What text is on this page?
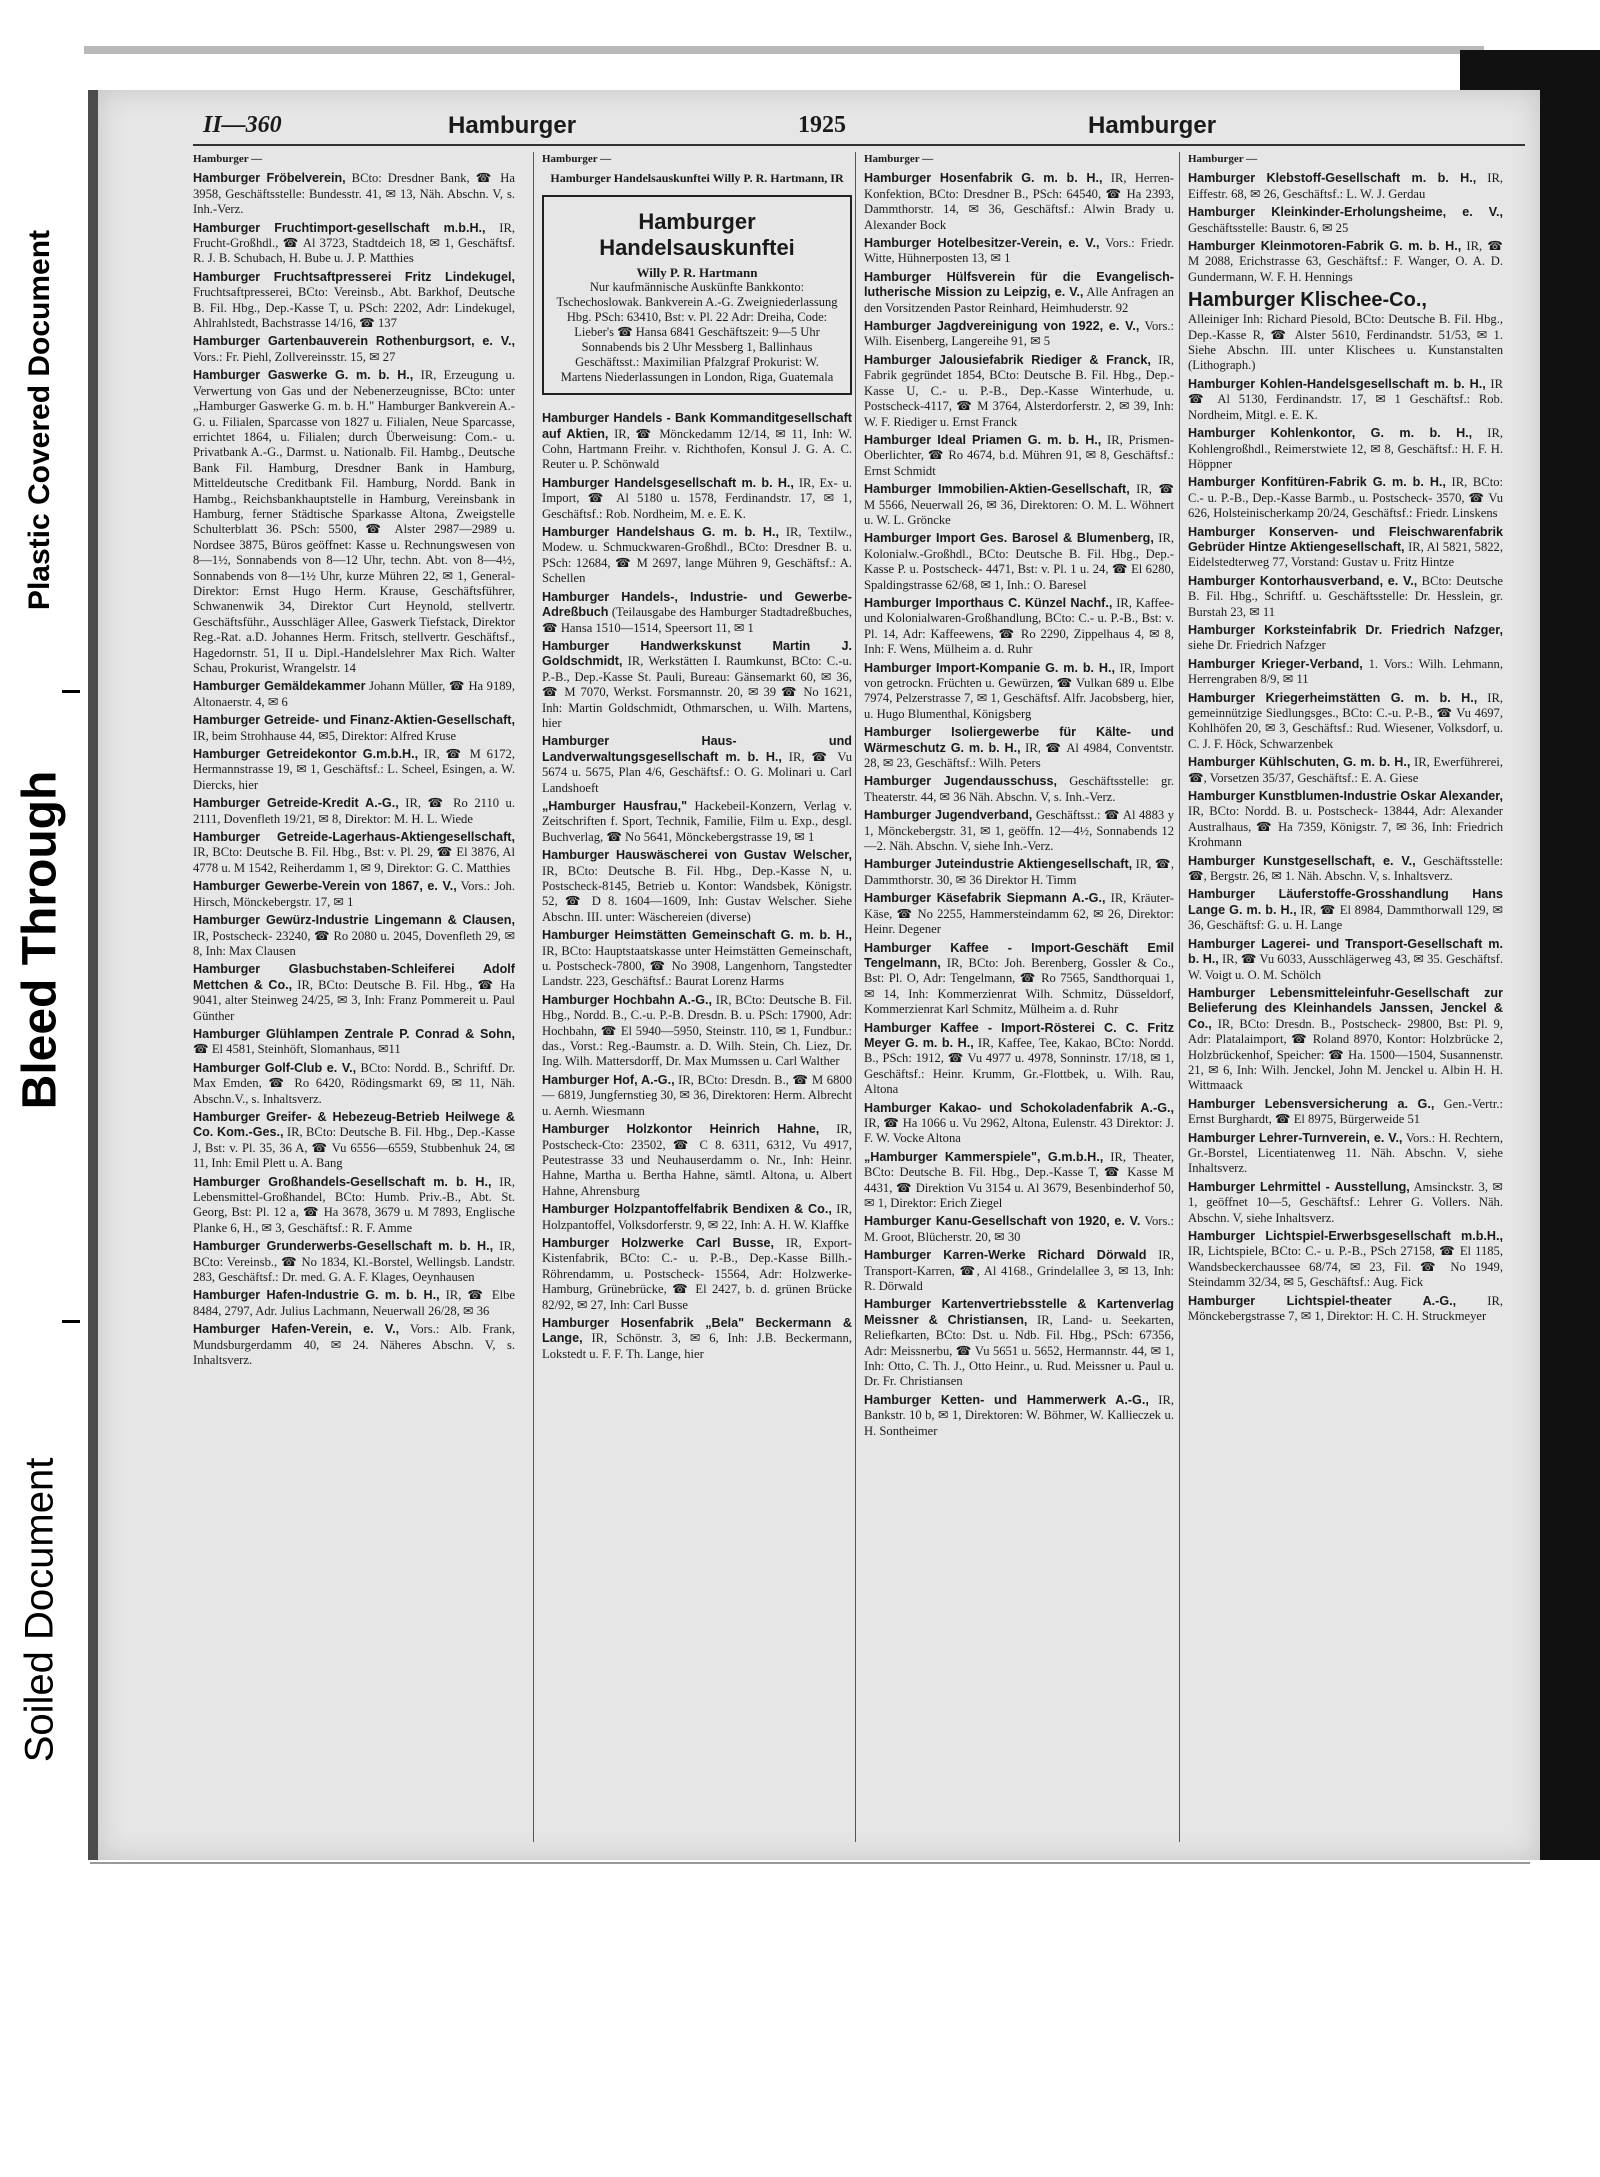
Soiled Document
Bleed Through
Plastic Covered Document
II—360	Hamburger	1925	Hamburger
Hamburger —
Hamburger Fröbelverein, BCto: Dresdner Bank, ☎ Ha 3958, Geschäftsstelle: Bundesstr. 41, ✉ 13, Näh. Abschn. V, s. Inh.-Verz.
Hamburger Fruchtimport-gesellschaft m.b.H., IR, Frucht-Großhdl., ☎ Al 3723, Stadtdeich 18, ✉ 1, Geschäftsf. R. J. B. Schubach, H. Bube u. J. P. Matthies
Hamburger Fruchtsaftpresserei Fritz Lindekugel, Fruchtsaftpresserei, BCto: Vereinsb., Abt. Barkhof, Deutsche B. Fil. Hbg., Dep.-Kasse T, u. PSch: 2202, Adr: Lindekugel, Ahlrahlstedt, Bachstrasse 14/16, ☎ 137
Hamburger Gartenbauverein Rothenburgsort, e. V., Vors.: Fr. Piehl, Zollvereinsstr. 15, ✉ 27
Hamburger Gaswerke G. m. b. H., IR, Erzeugung u. Verwertung von Gas und der Nebenerzeugnisse, BCto: unter „Hamburger Gaswerke G. m. b. H." Hamburger Bankverein A.-G. u. Filialen, Sparcasse von 1827 u. Filialen, Neue Sparcasse, errichtet 1864, u. Filialen; durch Überweisung: Com.- u. Privatbank A.-G., Darmst. u. Nationalb. Fil. Hambg., Deutsche Bank Fil. Hamburg, Dresdner Bank in Hamburg, Mitteldeutsche Creditbank Fil. Hamburg, Nordd. Bank in Hambg., Reichsbankhauptstelle in Hamburg, Vereinsbank in Hamburg, ferner Städtische Sparkasse Altona, Zweigstelle Schulterblatt 36. PSch: 5500, ☎ Alster 2987—2989 u. Nordsee 3875, Büros geöffnet: Kasse u. Rechnungswesen von 8—1½, Sonnabends von 8—12 Uhr, techn. Abt. von 8—4½, Sonnabends von 8—1½ Uhr, kurze Mühren 22, ✉ 1, General-Direktor: Ernst Hugo Herm. Krause, Geschäftsführer, Schwanenwik 34, Direktor Curt Heynold, stellvertr. Geschäftsführ., Ausschläger Allee, Gaswerk Tiefstack, Direktor Reg.-Rat. a.D. Johannes Herm. Fritsch, stellvertr. Geschäftsf., Hagedornstr. 51, II u. Dipl.-Handelslehrer Max Rich. Walter Schau, Prokurist, Wrangelstr. 14
Hamburger Gemäldekammer Johann Müller, ☎ Ha 9189, Altonaerstr. 4, ✉ 6
Hamburger Getreide- und Finanz-Aktien-Gesellschaft, IR, beim Strohhause 44, ✉5, Direktor: Alfred Kruse
Hamburger Getreidekontor G.m.b.H., IR, ☎ M 6172, Hermannstrasse 19, ✉ 1, Geschäftsf.: L. Scheel, Esingen, a. W. Diercks, hier
Hamburger Getreide-Kredit A.-G., IR, ☎ Ro 2110 u. 2111, Dovenfleth 19/21, ✉ 8, Direktor: M. H. L. Wiede
Hamburger Getreide-Lagerhaus-Aktiengesellschaft, IR, BCto: Deutsche B. Fil. Hbg., Bst: v. Pl. 29, ☎ El 3876, Al 4778 u. M 1542, Reiherdamm 1, ✉ 9, Direktor: G. C. Matthies
Hamburger Gewerbe-Verein von 1867, e. V., Vors.: Joh. Hirsch, Mönckebergstr. 17, ✉ 1
Hamburger Gewürz-Industrie Lingemann & Clausen, IR, Postscheck- 23240, ☎ Ro 2080 u. 2045, Dovenfleth 29, ✉ 8, Inh: Max Clausen
Hamburger Glasbuchstaben-Schleiferei Adolf Mettchen & Co., IR, BCto: Deutsche B. Fil. Hbg., ☎ Ha 9041, alter Steinweg 24/25, ✉ 3, Inh: Franz Pommereit u. Paul Günther
Hamburger Glühlampen Zentrale P. Conrad & Sohn, ☎ El 4581, Steinhöft, Slomanhaus, ✉11
Hamburger Golf-Club e. V., BCto: Nordd. B., Schriftf. Dr. Max Emden, ☎ Ro 6420, Rödingsmarkt 69, ✉ 11, Näh. Abschn.V., s. Inhaltsverz.
Hamburger Greifer- & Hebezeug-Betrieb Heilwege & Co. Kom.-Ges., IR, BCto: Deutsche B. Fil. Hbg., Dep.-Kasse J, Bst: v. Pl. 35, 36 A, ☎ Vu 6556—6559, Stubbenhuk 24, ✉ 11, Inh: Emil Plett u. A. Bang
Hamburger Großhandels-Gesellschaft m. b. H., IR, Lebensmittel-Großhandel, BCto: Humb. Priv.-B., Abt. St. Georg, Bst: Pl. 12 a, ☎ Ha 3678, 3679 u. M 7893, Englische Planke 6, H., ✉ 3, Geschäftsf.: R. F. Amme
Hamburger Grunderwerbs-Gesellschaft m. b. H., IR, BCto: Vereinsb., ☎ No 1834, Kl.-Borstel, Wellingsb. Landstr. 283, Geschäftsf.: Dr. med. G. A. F. Klages, Oeynhausen
Hamburger Hafen-Industrie G. m. b. H., IR, ☎ Elbe 8484, 2797, Adr. Julius Lachmann, Neuerwall 26/28, ✉ 36
Hamburger Hafen-Verein, e. V., Vors.: Alb. Frank, Mundsburgerdamm 40, ✉ 24. Näheres Abschn. V, s. Inhaltsverz.
Hamburger —
Hamburger Handelsauskunftei Willy P. R. Hartmann, IR
Hamburger Handelsauskunftei
Willy P. R. Hartmann
Nur kaufmännische Auskünfte Bankkonto: Tschechoslowak. Bankverein A.-G. Zweigniederlassung Hbg. PSch: 63410, Bst: v. Pl. 22 Adr: Dreiha, Code: Lieber's ☎ Hansa 6841 Geschäftszeit: 9—5 Uhr Sonnabends bis 2 Uhr Messberg 1, Ballinhaus Geschäftsst.: Maximilian Pfalzgraf Prokurist: W. Martens Niederlassungen in London, Riga, Guatemala
Hamburger Handels - Bank Kommanditgesellschaft auf Aktien, IR, ☎ Mönckedamm 12/14, ✉ 11, Inh: W. Cohn, Hartmann Freihr. v. Richthofen, Konsul J. G. A. C. Reuter u. P. Schönwald
Hamburger Handelsgesellschaft m. b. H., IR, Ex- u. Import, ☎ Al 5180 u. 1578, Ferdinandstr. 17, ✉ 1, Geschäftsf.: Rob. Nordheim, M. e. E. K.
Hamburger Handelshaus G. m. b. H., IR, Textilw., Modew. u. Schmuckwaren-Großhdl., BCto: Dresdner B. u. PSch: 12684, ☎ M 2697, lange Mühren 9, Geschäftsf.: A. Schellen
Hamburger Handels-, Industrie- und Gewerbe-Adreßbuch (Teilausgabe des Hamburger Stadtadreßbuches, ☎ Hansa 1510—1514, Speersort 11, ✉ 1
Hamburger Handwerkskunst Martin J. Goldschmidt, IR, Werkstätten I. Raumkunst, BCto: C.-u. P.-B., Dep.-Kasse St. Pauli, Bureau: Gänsemarkt 60, ✉ 36, ☎ M 7070, Werkst. Forsmannstr. 20, ✉ 39 ☎ No 1621, Inh: Martin Goldschmidt, Othmarschen, u. Wilh. Martens, hier
Hamburger Haus- und Landverwaltungsgesellschaft m. b. H., IR, ☎ Vu 5674 u. 5675, Plan 4/6, Geschäftsf.: O. G. Molinari u. Carl Landshoeft
„Hamburger Hausfrau," Hackebeil-Konzern, Verlag v. Zeitschriften f. Sport, Technik, Familie, Film u. Exp., desgl. Buchverlag, ☎ No 5641, Mönckebergstrasse 19, ✉ 1
Hamburger Hauswäscherei von Gustav Welscher, IR, BCto: Deutsche B. Fil. Hbg., Dep.-Kasse N, u. Postscheck-8145, Betrieb u. Kontor: Wandsbek, Königstr. 52, ☎ D 8. 1604—1609, Inh: Gustav Welscher. Siehe Abschn. III. unter: Wäschereien (diverse)
Hamburger Heimstätten Gemeinschaft G. m. b. H., IR, BCto: Hauptstaatskasse unter Heimstätten Gemeinschaft, u. Postscheck-7800, ☎ No 3908, Langenhorn, Tangstedter Landstr. 223, Geschäftsf.: Baurat Lorenz Harms
Hamburger Hochbahn A.-G., IR, BCto: Deutsche B. Fil. Hbg., Nordd. B., C.-u. P.-B. Dresdn. B. u. PSch: 17900, Adr: Hochbahn, ☎ El 5940—5950, Steinstr. 110, ✉ 1, Fundbur.: das., Vorst.: Reg.-Baumstr. a. D. Wilh. Stein, Ch. Liez, Dr. Ing. Wilh. Mattersdorff, Dr. Max Mumssen u. Carl Walther
Hamburger Hof, A.-G., IR, BCto: Dresdn. B., ☎ M 6800 — 6819, Jungfernstieg 30, ✉ 36, Direktoren: Herm. Albrecht u. Aernh. Wiesmann
Hamburger Holzkontor Heinrich Hahne, IR, Postscheck-Cto: 23502, ☎ C 8. 6311, 6312, Vu 4917, Peutestrasse 33 und Neuhauserdamm o. Nr., Inh: Heinr. Hahne, Martha u. Bertha Hahne, sämtl. Altona, u. Albert Hahne, Ahrensburg
Hamburger Holzpantoffelfabrik Bendixen & Co., IR, Holzpantoffel, Volksdorferstr. 9, ✉ 22, Inh: A. H. W. Klaffke
Hamburger Holzwerke Carl Busse, IR, Export-Kistenfabrik, BCto: C.- u. P.-B., Dep.-Kasse Billh.-Röhrendamm, u. Postscheck- 15564, Adr: Holzwerke-Hamburg, Grünebrücke, ☎ El 2427, b. d. grünen Brücke 82/92, ✉ 27, Inh: Carl Busse
Hamburger Hosenfabrik „Bela" Beckermann & Lange, IR, Schönstr. 3, ✉ 6, Inh: J.B. Beckermann, Lokstedt u. F. F. Th. Lange, hier
Hamburger —
Hamburger Hosenfabrik G. m. b. H., IR, Herren-Konfektion, BCto: Dresdner B., PSch: 64540, ☎ Ha 2393, Dammthorstr. 14, ✉ 36, Geschäftsf.: Alwin Brady u. Alexander Bock
Hamburger Hotelbesitzer-Verein, e. V., Vors.: Friedr. Witte, Hühnerposten 13, ✉ 1
Hamburger Hülfsverein für die Evangelisch-lutherische Mission zu Leipzig, e. V., Alle Anfragen an den Vorsitzenden Pastor Reinhard, Heimhuderstr. 92
Hamburger Jagdvereinigung von 1922, e. V., Vors.: Wilh. Eisenberg, Langereihe 91, ✉ 5
Hamburger Jalousiefabrik Riediger & Franck, IR, Fabrik gegründet 1854, BCto: Deutsche B. Fil. Hbg., Dep.-Kasse U, C.- u. P.-B., Dep.-Kasse Winterhude, u. Postscheck-4117, ☎ M 3764, Alsterdorferstr. 2, ✉ 39, Inh: W. F. Riediger u. Ernst Franck
Hamburger Ideal Priamen G. m. b. H., IR, Prismen-Oberlichter, ☎ Ro 4674, b.d. Mühren 91, ✉ 8, Geschäftsf.: Ernst Schmidt
Hamburger Immobilien-Aktien-Gesellschaft, IR, ☎ M 5566, Neuerwall 26, ✉ 36, Direktoren: O. M. L. Wöhnert u. W. L. Gröncke
Hamburger Import Ges. Barosel & Blumenberg, IR, Kolonialw.-Großhdl., BCto: Deutsche B. Fil. Hbg., Dep.-Kasse P. u. Postscheck- 4471, Bst: v. Pl. 1 u. 24, ☎ El 6280, Spaldingstrasse 62/68, ✉ 1, Inh.: O. Baresel
Hamburger Importhaus C. Künzel Nachf., IR, Kaffee- und Kolonialwaren-Großhandlung, BCto: C.- u. P.-B., Bst: v. Pl. 14, Adr: Kaffeewens, ☎ Ro 2290, Zippelhaus 4, ✉ 8, Inh: F. Wens, Mülheim a. d. Ruhr
Hamburger Import-Kompanie G. m. b. H., IR, Import von getrockn. Früchten u. Gewürzen, ☎ Vulkan 689 u. Elbe 7974, Pelzerstrasse 7, ✉ 1, Geschäftsf. Alfr. Jacobsberg, hier, u. Hugo Blumenthal, Königsberg
Hamburger Isoliergewerbe für Kälte- und Wärmeschutz G. m. b. H., IR, ☎ Al 4984, Conventstr. 28, ✉ 23, Geschäftsf.: Wilh. Peters
Hamburger Jugendausschuss, Geschäftsstelle: gr. Theaterstr. 44, ✉ 36 Näh. Abschn. V, s. Inh.-Verz.
Hamburger Jugendverband, Geschäftsst.: ☎ Al 4883 y 1, Mönckebergstr. 31, ✉ 1, geöffn. 12—4½, Sonnabends 12—2. Näh. Abschn. V, siehe Inh.-Verz.
Hamburger Juteindustrie Aktiengesellschaft, IR, ☎, Dammthorstr. 30, ✉ 36 Direktor H. Timm
Hamburger Käsefabrik Siepmann A.-G., IR, Kräuter-Käse, ☎ No 2255, Hammersteindamm 62, ✉ 26, Direktor: Heinr. Degener
Hamburger Kaffee - Import-Geschäft Emil Tengelmann, IR, BCto: Joh. Berenberg, Gossler & Co., Bst: Pl. O, Adr: Tengelmann, ☎ Ro 7565, Sandthorquai 1, ✉ 14, Inh: Kommerzienrat Wilh. Schmitz, Düsseldorf, Kommerzienrat Karl Schmitz, Mülheim a. d. Ruhr
Hamburger Kaffee - Import-Rösterei C. C. Fritz Meyer G. m. b. H., IR, Kaffee, Tee, Kakao, BCto: Nordd. B., PSch: 1912, ☎ Vu 4977 u. 4978, Sonninstr. 17/18, ✉ 1, Geschäftsf.: Heinr. Krumm, Gr.-Flottbek, u. Wilh. Rau, Altona
Hamburger Kakao- und Schokoladenfabrik A.-G., IR, ☎ Ha 1066 u. Vu 2962, Altona, Eulenstr. 43 Direktor: J. F. W. Vocke Altona
„Hamburger Kammerspiele", G.m.b.H., IR, Theater, BCto: Deutsche B. Fil. Hbg., Dep.-Kasse T, ☎ Kasse M 4431, ☎ Direktion Vu 3154 u. Al 3679, Besenbinderhof 50, ✉ 1, Direktor: Erich Ziegel
Hamburger Kanu-Gesellschaft von 1920, e. V. Vors.: M. Groot, Blücherstr. 20, ✉ 30
Hamburger Karren-Werke Richard Dörwald IR, Transport-Karren, ☎, Al 4168., Grindelallee 3, ✉ 13, Inh: R. Dörwald
Hamburger Kartenvertriebsstelle & Kartenverlag Meissner & Christiansen, IR, Land- u. Seekarten, Reliefkarten, BCto: Dst. u. Ndb. Fil. Hbg., PSch: 67356, Adr: Meissnerbu, ☎ Vu 5651 u. 5652, Hermannstr. 44, ✉ 1, Inh: Otto, C. Th. J., Otto Heinr., u. Rud. Meissner u. Paul u. Dr. Fr. Christiansen
Hamburger Ketten- und Hammerwerk A.-G., IR, Bankstr. 10 b, ✉ 1, Direktoren: W. Böhmer, W. Kallieczek u. H. Sontheimer
Hamburger —
Hamburger Klebstoff-Gesellschaft m. b. H., IR, Eiffestr. 68, ✉ 26, Geschäftsf.: L. W. J. Gerdau
Hamburger Kleinkinder-Erholungsheime, e. V., Geschäftsstelle: Baustr. 6, ✉ 25
Hamburger Kleinmotoren-Fabrik G. m. b. H., IR, ☎ M 2088, Erichstrasse 63, Geschäftsf.: F. Wanger, O. A. D. Gundermann, W. F. H. Hennings
Hamburger Klischee-Co.,
Alleiniger Inh: Richard Piesold, BCto: Deutsche B. Fil. Hbg., Dep.-Kasse R, ☎ Alster 5610, Ferdinandstr. 51/53, ✉ 1. Siehe Abschn. III. unter Klischees u. Kunstanstalten (Lithograph.)
Hamburger Kohlen-Handelsgesellschaft m. b. H., IR ☎ Al 5130, Ferdinandstr. 17, ✉ 1 Geschäftsf.: Rob. Nordheim, Mitgl. e. E. K.
Hamburger Kohlenkontor, G. m. b. H., IR, Kohlengroßhdl., Reimerstwiete 12, ✉ 8, Geschäftsf.: H. F. H. Höppner
Hamburger Konfitüren-Fabrik G. m. b. H., IR, BCto: C.- u. P.-B., Dep.-Kasse Barmb., u. Postscheck- 3570, ☎ Vu 626, Holsteinischerkamp 20/24, Geschäftsf.: Friedr. Linskens
Hamburger Konserven- und Fleischwarenfabrik Gebrüder Hintze Aktiengesellschaft, IR, Al 5821, 5822, Eidelstedterweg 77, Vorstand: Gustav u. Fritz Hintze
Hamburger Kontorhausverband, e. V., BCto: Deutsche B. Fil. Hbg., Schriftf. u. Geschäftsstelle: Dr. Hesslein, gr. Burstah 23, ✉ 11
Hamburger Korksteinfabrik Dr. Friedrich Nafzger, siehe Dr. Friedrich Nafzger
Hamburger Krieger-Verband, 1. Vors.: Wilh. Lehmann, Herrengraben 8/9, ✉ 11
Hamburger Kriegerheimstätten G. m. b. H., IR, gemeinnützige Siedlungsges., BCto: C.-u. P.-B., ☎ Vu 4697, Kohlhöfen 20, ✉ 3, Geschäftsf.: Rud. Wiesener, Volksdorf, u. C. J. F. Höck, Schwarzenbek
Hamburger Kühlschuten, G. m. b. H., IR, Ewerführerei, ☎, Vorsetzen 35/37, Geschäftsf.: E. A. Giese
Hamburger Kunstblumen-Industrie Oskar Alexander, IR, BCto: Nordd. B. u. Postscheck- 13844, Adr: Alexander Australhaus, ☎ Ha 7359, Königstr. 7, ✉ 36, Inh: Friedrich Krohmann
Hamburger Kunstgesellschaft, e. V., Geschäftsstelle: ☎, Bergstr. 26, ✉ 1. Näh. Abschn. V, s. Inhaltsverz.
Hamburger Läuferstoffe-Grosshandlung Hans Lange G. m. b. H., IR, ☎ El 8984, Dammthorwall 129, ✉ 36, Geschäftsf: G. u. H. Lange
Hamburger Lagerei- und Transport-Gesellschaft m. b. H., IR, ☎ Vu 6033, Ausschlägerweg 43, ✉ 35. Geschäftsf. W. Voigt u. O. M. Schölch
Hamburger Lebensmitteleinfuhr-Gesellschaft zur Belieferung des Kleinhandels Janssen, Jenckel & Co., IR, BCto: Dresdn. B., Postscheck- 29800, Bst: Pl. 9, Adr: Platalaimport, ☎ Roland 8970, Kontor: Holzbrücke 2, Holzbrückenhof, Speicher: ☎ Ha. 1500—1504, Susannenstr. 21, ✉ 6, Inh: Wilh. Jenckel, John M. Jenckel u. Albin H. H. Wittmaack
Hamburger Lebensversicherung a. G., Gen.-Vertr.: Ernst Burghardt, ☎ El 8975, Bürgerweide 51
Hamburger Lehrer-Turnverein, e. V., Vors.: H. Rechtern, Gr.-Borstel, Licentiatenweg 11. Näh. Abschn. V, siehe Inhaltsverz.
Hamburger Lehrmittel - Ausstellung, Amsinckstr. 3, ✉ 1, geöffnet 10—5, Geschäftsf.: Lehrer G. Vollers. Näh. Abschn. V, siehe Inhaltsverz.
Hamburger Lichtspiel-Erwerbsgesellschaft m.b.H., IR, Lichtspiele, BCto: C.- u. P.-B., PSch 27158, ☎ El 1185, Wandsbeckerchaussee 68/74, ✉ 23, Fil. ☎ No 1949, Steindamm 32/34, ✉ 5, Geschäftsf.: Aug. Fick
Hamburger Lichtspiel-theater A.-G., IR, Mönckebergstrasse 7, ✉ 1, Direktor: H. C. H. Struckmeyer
